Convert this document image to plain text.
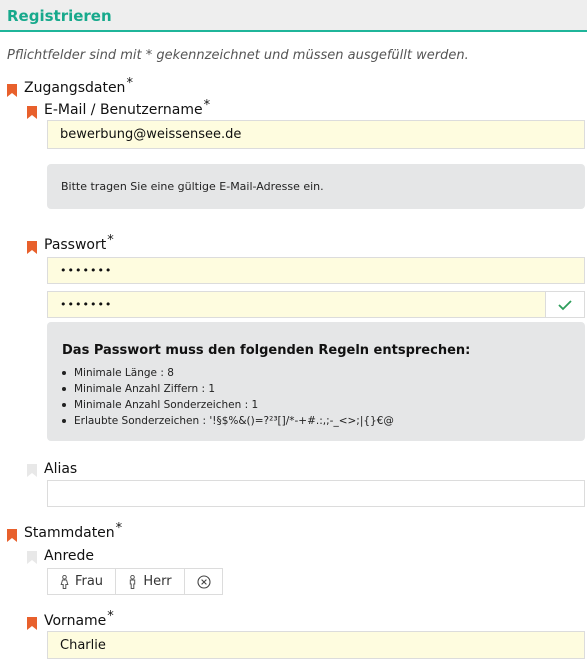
Registrieren
Pflichtfelder sind mit * gekennzeichnet und müssen ausgefüllt werden.
Zugangsdaten*
E-Mail / Benutzername*
bewerbung@weissensee.de
Bitte tragen Sie eine gültige E-Mail-Adresse ein.
Passwort*
•••••••
•••••••
Das Passwort muss den folgenden Regeln entsprechen:
Minimale Länge : 8
Minimale Anzahl Ziffern : 1
Minimale Anzahl Sonderzeichen : 1
Erlaubte Sonderzeichen : '!§$%&()=?²³[]/*-+#.:,;-_<>;|{}€@
Alias
Stammdaten*
Anrede
Frau	Herr
Vorname*
Charlie
